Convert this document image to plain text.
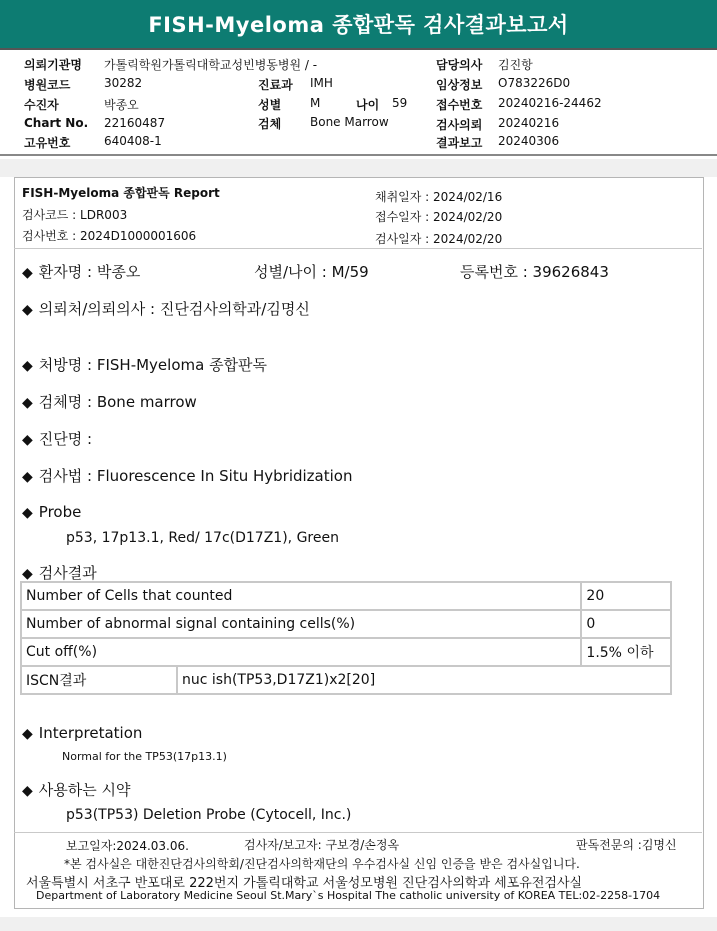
FISH-Myeloma 종합판독 검사결과보고서
의뢰기관명 가톨릭학원가톨릭대학교성빈병동병원 / -
병원코드	30282
수진자	박종오
Chart No. 22160487
고유번호	640408-1
진료과 IMH
성별 M	나이 59
검체 Bone Marrow
담당의사 김진항
임상정보 O783226D0
접수번호 20240216-24462
검사의뢰 20240216
결과보고 20240306
FISH-Myeloma 종합판독 Report
검사코드 : LDR003
검사번호 : 2024D1000001606
채취일자 : 2024/02/16
접수일자 : 2024/02/20
검사일자 : 2024/02/20
◆ 환자명 : 박종오	성별/나이 : M/59	등록번호 : 39626843
◆ 의뢰처/의뢰의사 : 진단검사의학과/김명신
◆ 처방명 : FISH-Myeloma 종합판독
◆ 검체명 : Bone marrow
◆ 진단명 :
◆ 검사법 : Fluorescence In Situ Hybridization
◆ Probe
p53, 17p13.1, Red/ 17c(D17Z1), Green
◆ 검사결과
Number of Cells that counted		20
Number of abnormal signal containing cells(%)		0
Cut off(%)		1.5% 이하
ISCN결과	nuc ish(TP53,D17Z1)x2[20]	
◆ Interpretation
Normal for the TP53(17p13.1)
◆ 사용하는 시약
p53(TP53) Deletion Probe (Cytocell, Inc.)
보고일자:2024.03.06.	검사자/보고자: 구보경/손정옥	판독전문의 :김명신
*본 검사실은 대한진단검사의학회/진단검사의학재단의 우수검사실 신임 인증을 받은 검사실입니다.
서울특별시 서초구 반포대로 222번지 가톨릭대학교 서울성모병원 진단검사의학과 세포유전검사실
Department of Laboratory Medicine Seoul St.Mary`s Hospital The catholic university of KOREA TEL:02-2258-1704
